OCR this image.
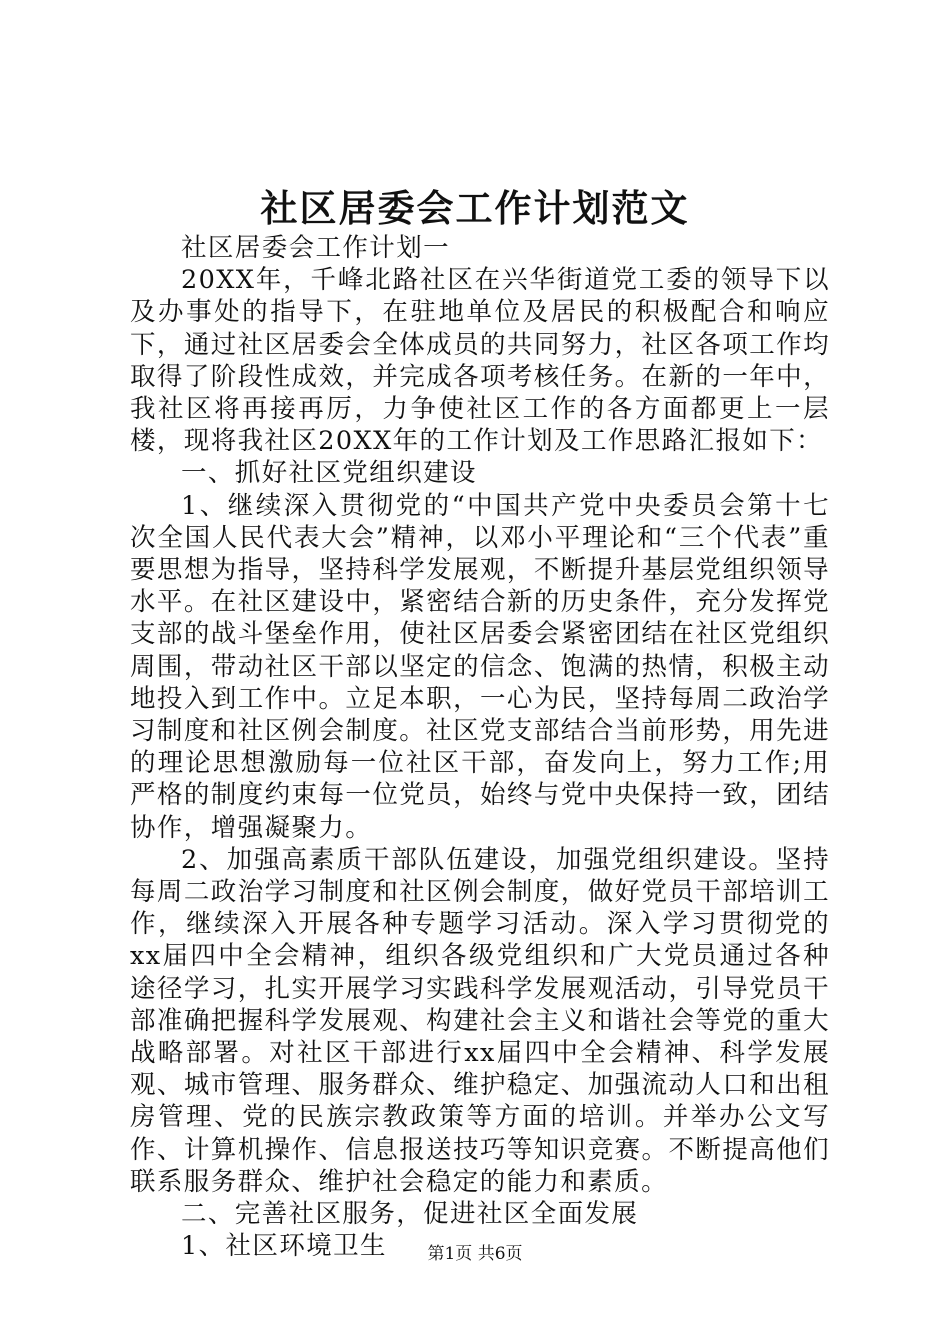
社区居委会工作计划范文

社区居委会工作计划一

20XX年，千峰北路社区在兴华街道党工委的领导下以及办事处的指导下，在驻地单位及居民的积极配合和响应下，通过社区居委会全体成员的共同努力，社区各项工作均取得了阶段性成效，并完成各项考核任务。在新的一年中，我社区将再接再厉，力争使社区工作的各方面都更上一层楼，现将我社区20XX年的工作计划及工作思路汇报如下：

一、抓好社区党组织建设

1、继续深入贯彻党的“中国共产党中央委员会第十七次全国人民代表大会”精神，以邓小平理论和“三个代表”重要思想为指导，坚持科学发展观，不断提升基层党组织领导水平。在社区建设中，紧密结合新的历史条件，充分发挥党支部的战斗堡垒作用，使社区居委会紧密团结在社区党组织周围，带动社区干部以坚定的信念、饱满的热情，积极主动地投入到工作中。立足本职，一心为民，坚持每周二政治学习制度和社区例会制度。社区党支部结合当前形势，用先进的理论思想激励每一位社区干部，奋发向上，努力工作;用严格的制度约束每一位党员，始终与党中央保持一致，团结协作，增强凝聚力。

2、加强高素质干部队伍建设，加强党组织建设。坚持每周二政治学习制度和社区例会制度，做好党员干部培训工作，继续深入开展各种专题学习活动。深入学习贯彻党的xx届四中全会精神，组织各级党组织和广大党员通过各种途径学习，扎实开展学习实践科学发展观活动，引导党员干部准确把握科学发展观、构建社会主义和谐社会等党的重大战略部署。对社区干部进行xx届四中全会精神、科学发展观、城市管理、服务群众、维护稳定、加强流动人口和出租房管理、党的民族宗教政策等方面的培训。并举办公文写作、计算机操作、信息报送技巧等知识竞赛。不断提高他们联系服务群众、维护社会稳定的能力和素质。

二、完善社区服务，促进社区全面发展

1、社区环境卫生	第1页 共6页
